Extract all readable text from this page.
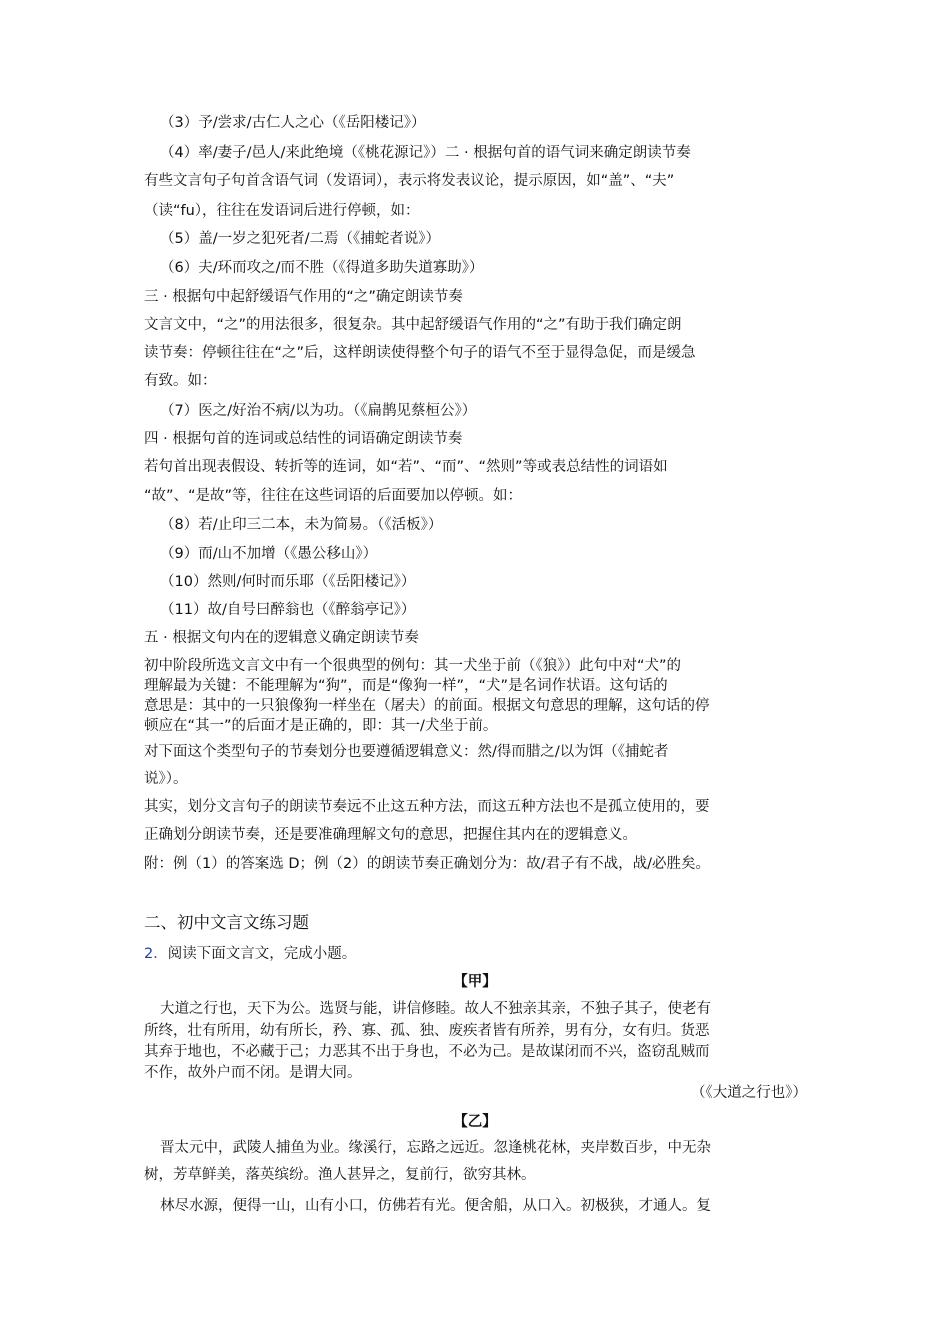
（3）予/尝求/古仁人之心（《岳阳楼记》）
（4）率/妻子/邑人/来此绝境（《桃花源记》）二 · 根据句首的语气词来确定朗读节奏
有些文言句子句首含语气词（发语词），表示将发表议论，提示原因，如“盖”、“夫”
（读“fu），往往在发语词后进行停顿，如：
（5）盖/一岁之犯死者/二焉（《捕蛇者说》）
（6）夫/环而攻之/而不胜（《得道多助失道寡助》）
三 · 根据句中起舒缓语气作用的“之”确定朗读节奏
文言文中，“之”的用法很多，很复杂。其中起舒缓语气作用的“之”有助于我们确定朗
读节奏：停顿往往在“之”后，这样朗读使得整个句子的语气不至于显得急促，而是缓急
有致。如：
（7）医之/好治不病/以为功。（《扁鹊见蔡桓公》）
四 · 根据句首的连词或总结性的词语确定朗读节奏
若句首出现表假设、转折等的连词，如“若”、“而”、“然则”等或表总结性的词语如
“故”、“是故”等，往往在这些词语的后面要加以停顿。如：
（8）若/止印三二本，未为简易。（《活板》）
（9）而/山不加增（《愚公移山》）
（10）然则/何时而乐耶（《岳阳楼记》）
（11）故/自号曰醉翁也（《醉翁亭记》）
五 · 根据文句内在的逻辑意义确定朗读节奏
初中阶段所选文言文中有一个很典型的例句：其一犬坐于前（《狼》）此句中对“犬”的
理解最为关键：不能理解为“狗”，而是“像狗一样”，“犬”是名词作状语。这句话的
意思是：其中的一只狼像狗一样坐在（屠夫）的前面。根据文句意思的理解，这句话的停
顿应在“其一”的后面才是正确的，即：其一/犬坐于前。
对下面这个类型句子的节奏划分也要遵循逻辑意义：然/得而腊之/以为饵（《捕蛇者
说》）。
其实，划分文言句子的朗读节奏远不止这五种方法，而这五种方法也不是孤立使用的，要
正确划分朗读节奏，还是要准确理解文句的意思，把握住其内在的逻辑意义。
附：例（1）的答案选 D；例（2）的朗读节奏正确划分为：故/君子有不战，战/必胜矣。
二、初中文言文练习题
2．阅读下面文言文，完成小题。
【甲】
大道之行也，天下为公。选贤与能，讲信修睦。故人不独亲其亲，不独子其子，使老有
所终，壮有所用，幼有所长，矜、寡、孤、独、废疾者皆有所养，男有分，女有归。货恶
其弃于地也，不必藏于己；力恶其不出于身也，不必为己。是故谋闭而不兴，盗窃乱贼而
不作，故外户而不闭。是谓大同。
（《大道之行也》）
【乙】
晋太元中，武陵人捕鱼为业。缘溪行，忘路之远近。忽逢桃花林，夹岸数百步，中无杂
树，芳草鲜美，落英缤纷。渔人甚异之，复前行，欲穷其林。
林尽水源，便得一山，山有小口，仿佛若有光。便舍船，从口入。初极狭，才通人。复
